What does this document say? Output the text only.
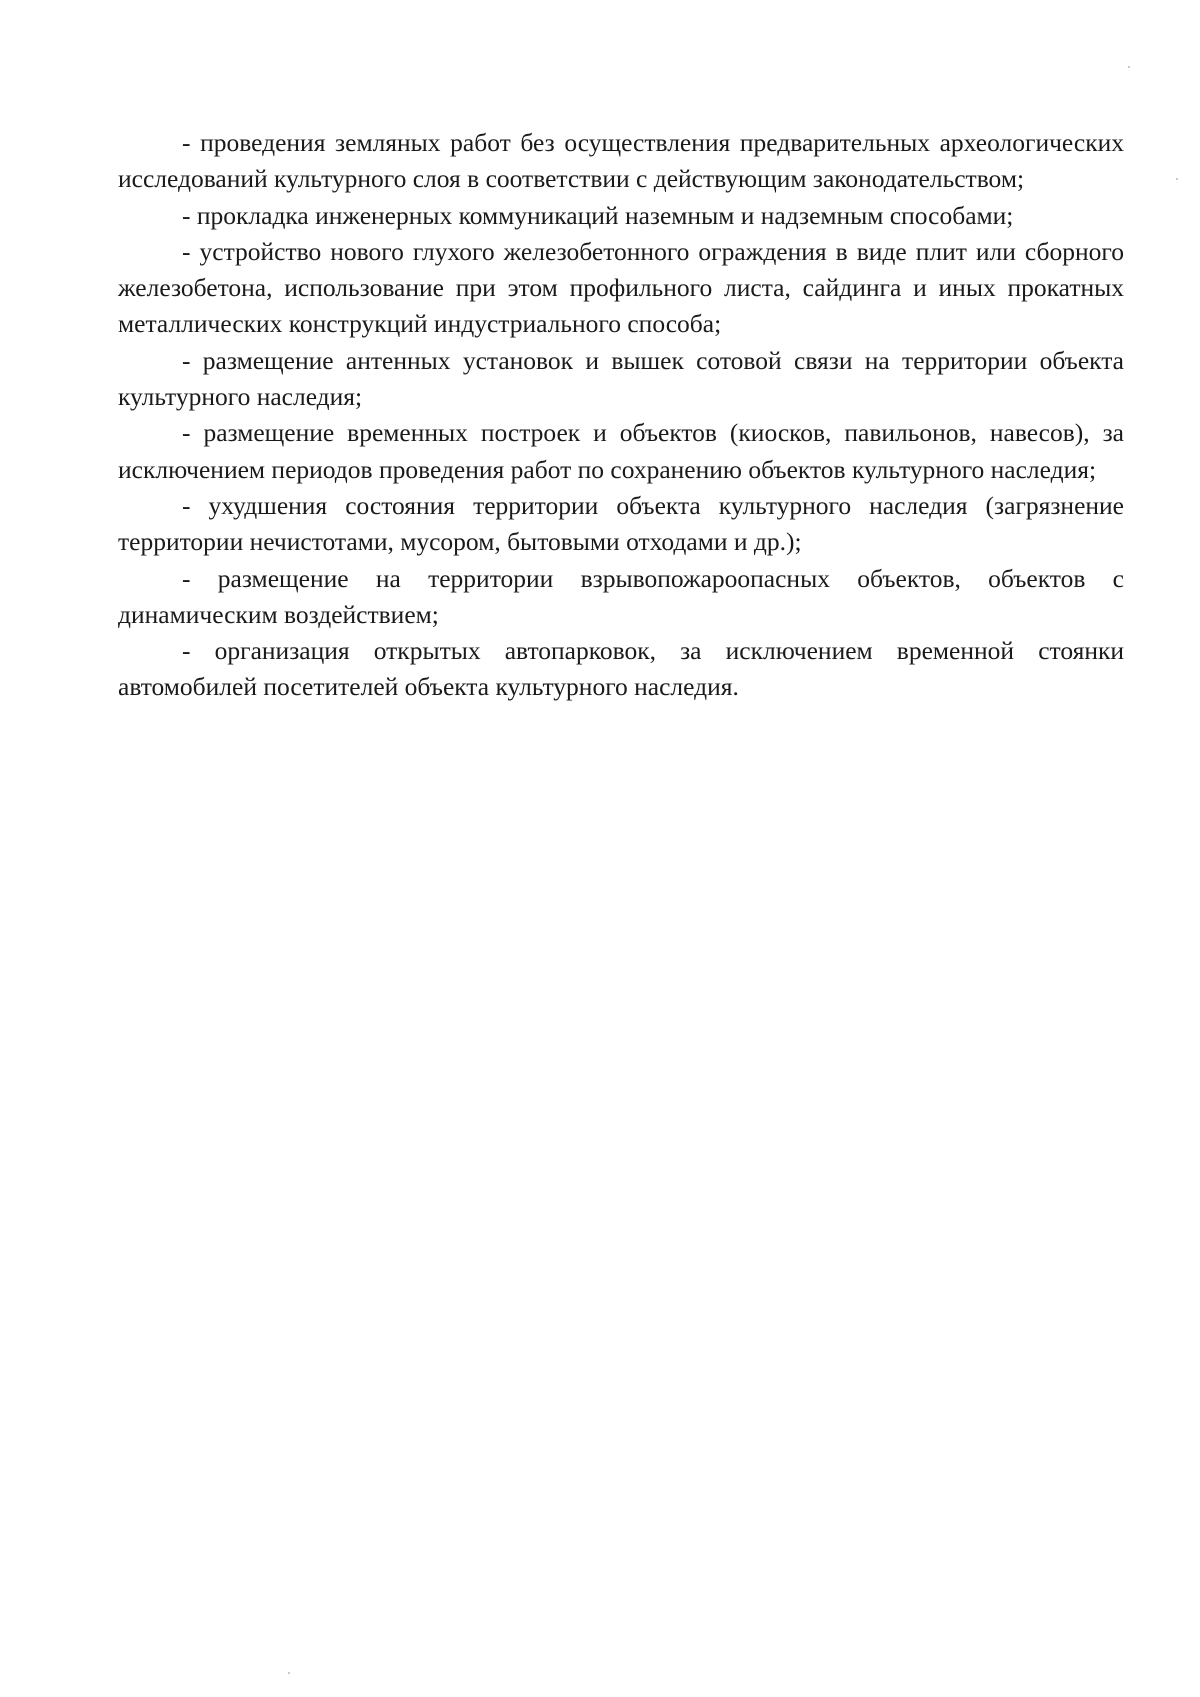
- проведения земляных работ без осуществления предварительных археологических исследований культурного слоя в соответствии с действующим законодательством;

- прокладка инженерных коммуникаций наземным и надземным способами;

- устройство нового глухого железобетонного ограждения в виде плит или сборного железобетона, использование при этом профильного листа, сайдинга и иных прокатных металлических конструкций индустриального способа;

- размещение антенных установок и вышек сотовой связи на территории объекта культурного наследия;

- размещение временных построек и объектов (киосков, павильонов, навесов), за исключением периодов проведения работ по сохранению объектов культурного наследия;

- ухудшения состояния территории объекта культурного наследия (загрязнение территории нечистотами, мусором, бытовыми отходами и др.);

- размещение на территории взрывопожароопасных объектов, объектов с динамическим воздействием;

- организация открытых автопарковок, за исключением временной стоянки автомобилей посетителей объекта культурного наследия.
